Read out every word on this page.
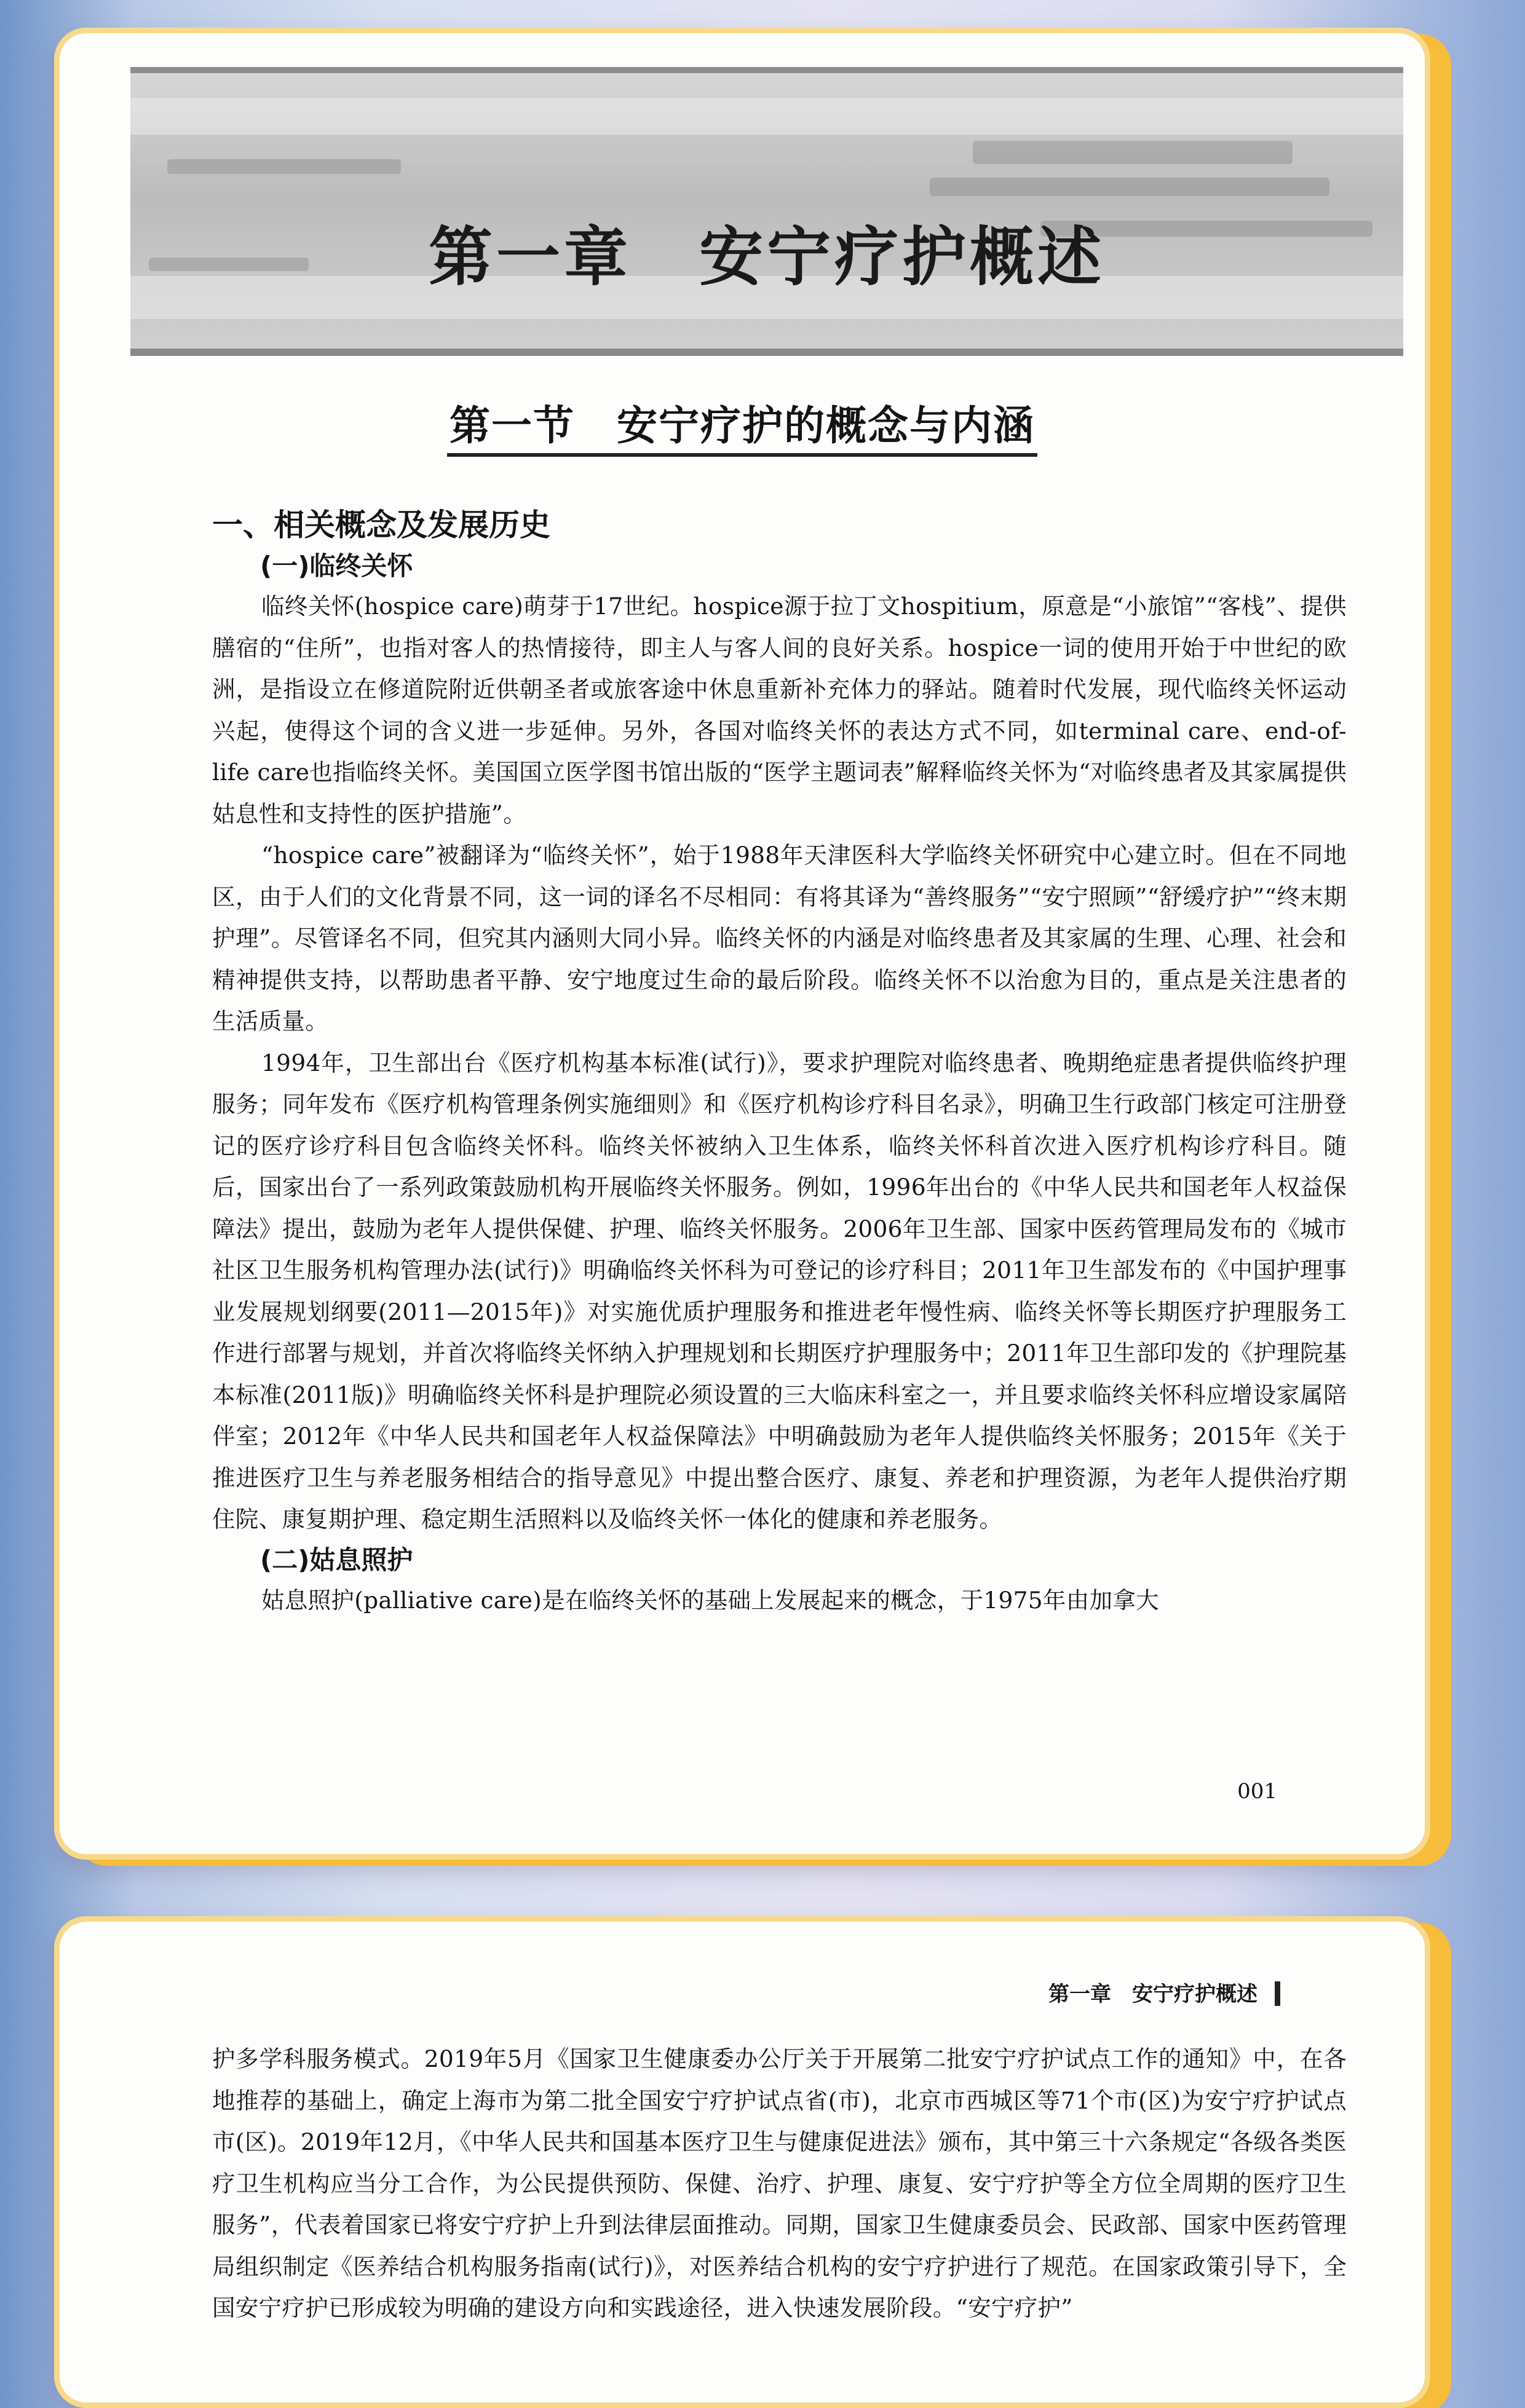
第一章　安宁疗护概述
第一节　安宁疗护的概念与内涵
一、相关概念及发展历史
(一)临终关怀

临终关怀(hospice care)萌芽于17世纪。hospice源于拉丁文hospitium，原意是“小旅馆”“客栈”、提供膳宿的“住所”，也指对客人的热情接待，即主人与客人间的良好关系。hospice一词的使用开始于中世纪的欧洲，是指设立在修道院附近供朝圣者或旅客途中休息重新补充体力的驿站。随着时代发展，现代临终关怀运动兴起，使得这个词的含义进一步延伸。另外，各国对临终关怀的表达方式不同，如terminal care、end-of-life care也指临终关怀。美国国立医学图书馆出版的“医学主题词表”解释临终关怀为“对临终患者及其家属提供姑息性和支持性的医护措施”。

“hospice care”被翻译为“临终关怀”，始于1988年天津医科大学临终关怀研究中心建立时。但在不同地区，由于人们的文化背景不同，这一词的译名不尽相同：有将其译为“善终服务”“安宁照顾”“舒缓疗护”“终末期护理”。尽管译名不同，但究其内涵则大同小异。临终关怀的内涵是对临终患者及其家属的生理、心理、社会和精神提供支持，以帮助患者平静、安宁地度过生命的最后阶段。临终关怀不以治愈为目的，重点是关注患者的生活质量。

1994年，卫生部出台《医疗机构基本标准(试行)》，要求护理院对临终患者、晚期绝症患者提供临终护理服务；同年发布《医疗机构管理条例实施细则》和《医疗机构诊疗科目名录》，明确卫生行政部门核定可注册登记的医疗诊疗科目包含临终关怀科。临终关怀被纳入卫生体系，临终关怀科首次进入医疗机构诊疗科目。随后，国家出台了一系列政策鼓励机构开展临终关怀服务。例如，1996年出台的《中华人民共和国老年人权益保障法》提出，鼓励为老年人提供保健、护理、临终关怀服务。2006年卫生部、国家中医药管理局发布的《城市社区卫生服务机构管理办法(试行)》明确临终关怀科为可登记的诊疗科目；2011年卫生部发布的《中国护理事业发展规划纲要(2011—2015年)》对实施优质护理服务和推进老年慢性病、临终关怀等长期医疗护理服务工作进行部署与规划，并首次将临终关怀纳入护理规划和长期医疗护理服务中；2011年卫生部印发的《护理院基本标准(2011版)》明确临终关怀科是护理院必须设置的三大临床科室之一，并且要求临终关怀科应增设家属陪伴室；2012年《中华人民共和国老年人权益保障法》中明确鼓励为老年人提供临终关怀服务；2015年《关于推进医疗卫生与养老服务相结合的指导意见》中提出整合医疗、康复、养老和护理资源，为老年人提供治疗期住院、康复期护理、稳定期生活照料以及临终关怀一体化的健康和养老服务。

(二)姑息照护

姑息照护(palliative care)是在临终关怀的基础上发展起来的概念，于1975年由加拿大

001
第一章　安宁疗护概述

护多学科服务模式。2019年5月《国家卫生健康委办公厅关于开展第二批安宁疗护试点工作的通知》中，在各地推荐的基础上，确定上海市为第二批全国安宁疗护试点省(市)，北京市西城区等71个市(区)为安宁疗护试点市(区)。2019年12月，《中华人民共和国基本医疗卫生与健康促进法》颁布，其中第三十六条规定“各级各类医疗卫生机构应当分工合作，为公民提供预防、保健、治疗、护理、康复、安宁疗护等全方位全周期的医疗卫生服务”，代表着国家已将安宁疗护上升到法律层面推动。同期，国家卫生健康委员会、民政部、国家中医药管理局组织制定《医养结合机构服务指南(试行)》，对医养结合机构的安宁疗护进行了规范。在国家政策引导下，全国安宁疗护已形成较为明确的建设方向和实践途径，进入快速发展阶段。“安宁疗护”
